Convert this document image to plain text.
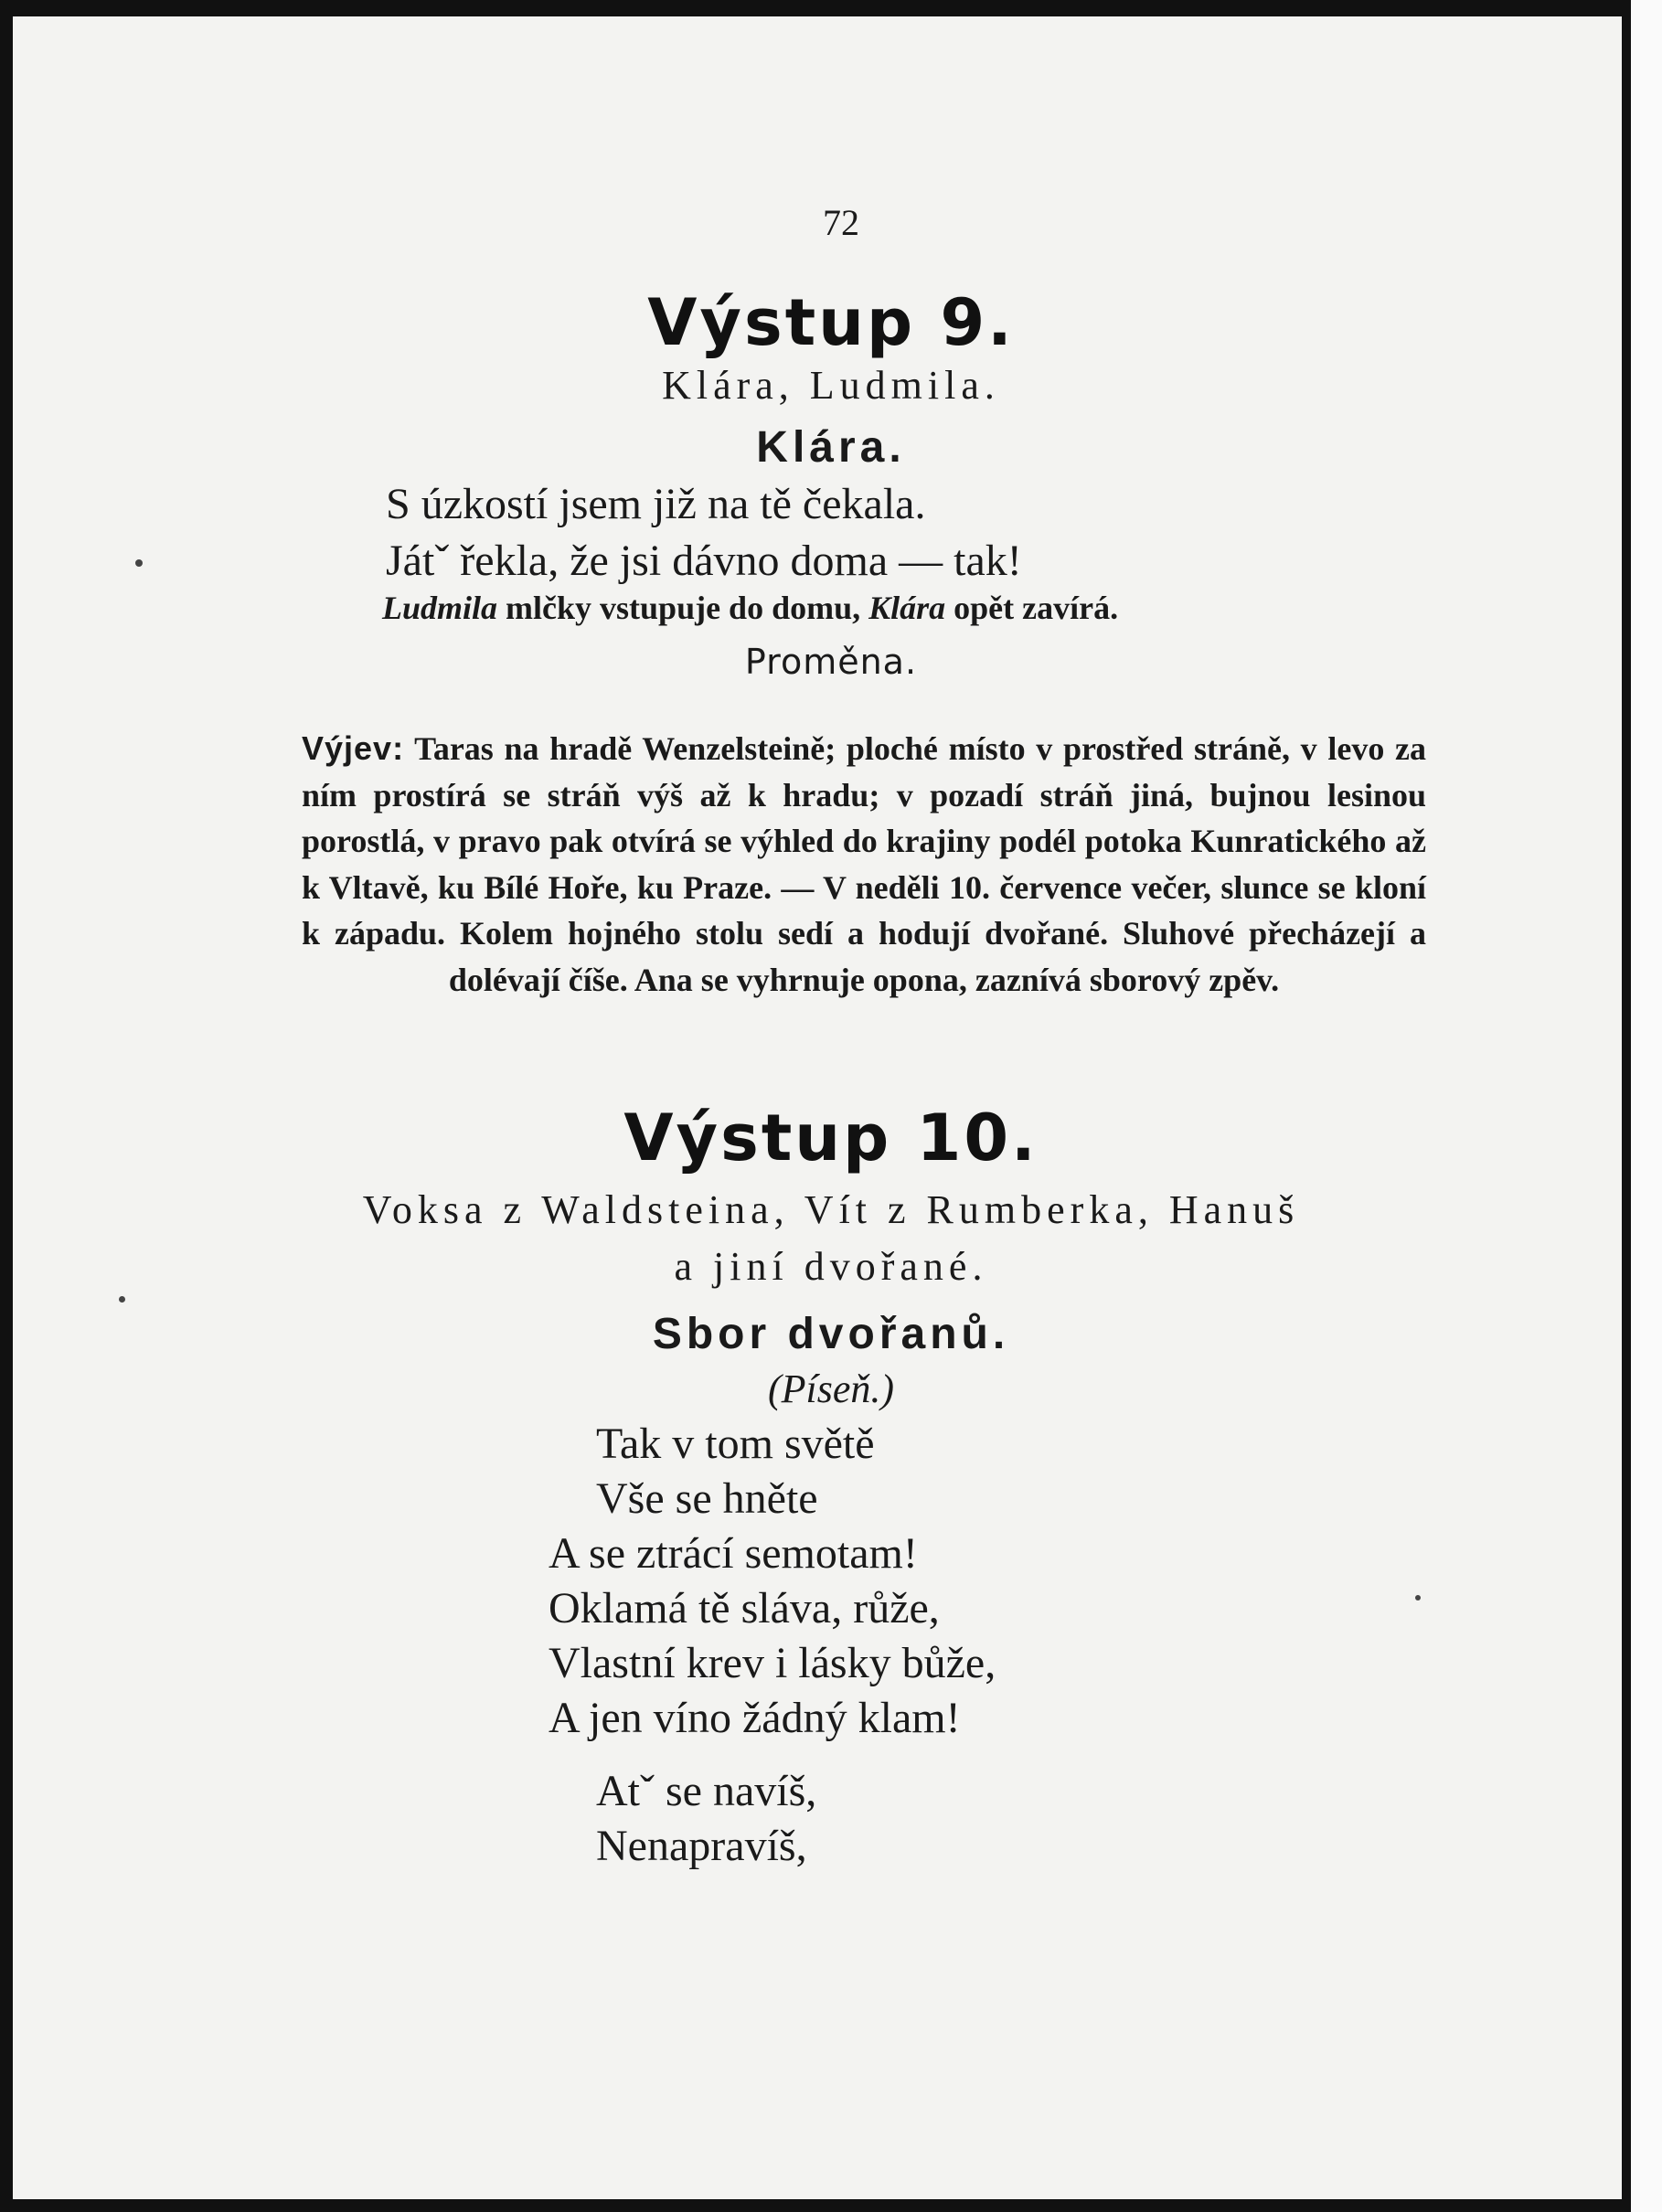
72

Výstup 9.

Klára, Ludmila.

Klára.

S úzkostí jsem již na tě čekala.

Játˇ řekla, že jsi dávno doma — tak!

Ludmila mlčky vstupuje do domu, Klára opět zavírá.

Proměna.

Výjev: Taras na hradě Wenzelsteině; ploché místo v prostřed stráně, v levo za ním prostírá se stráň výš až k hradu; v pozadí stráň jiná, bujnou lesinou porostlá, v pravo pak otvírá se výhled do krajiny podél potoka Kunratického až k Vltavě, ku Bílé Hoře, ku Praze. — V neděli 10. července večer, slunce se kloní k západu. Kolem hojného stolu sedí a hodují dvořané. Sluhové přecházejí a dolévají číše. Ana se vyhrnuje opona, zaznívá sborový zpěv.

Výstup 10.

Voksa z Waldsteina, Vít z Rumberka, Hanuš

a jiní dvořané.

Sbor dvořanů.

(Píseň.)

Tak v tom světě

Vše se hněte

A se ztrácí semotam!

Oklamá tě sláva, růže,

Vlastní krev i lásky bůže,

A jen víno žádný klam!

Atˇ se navíš,

Nenapravíš,
